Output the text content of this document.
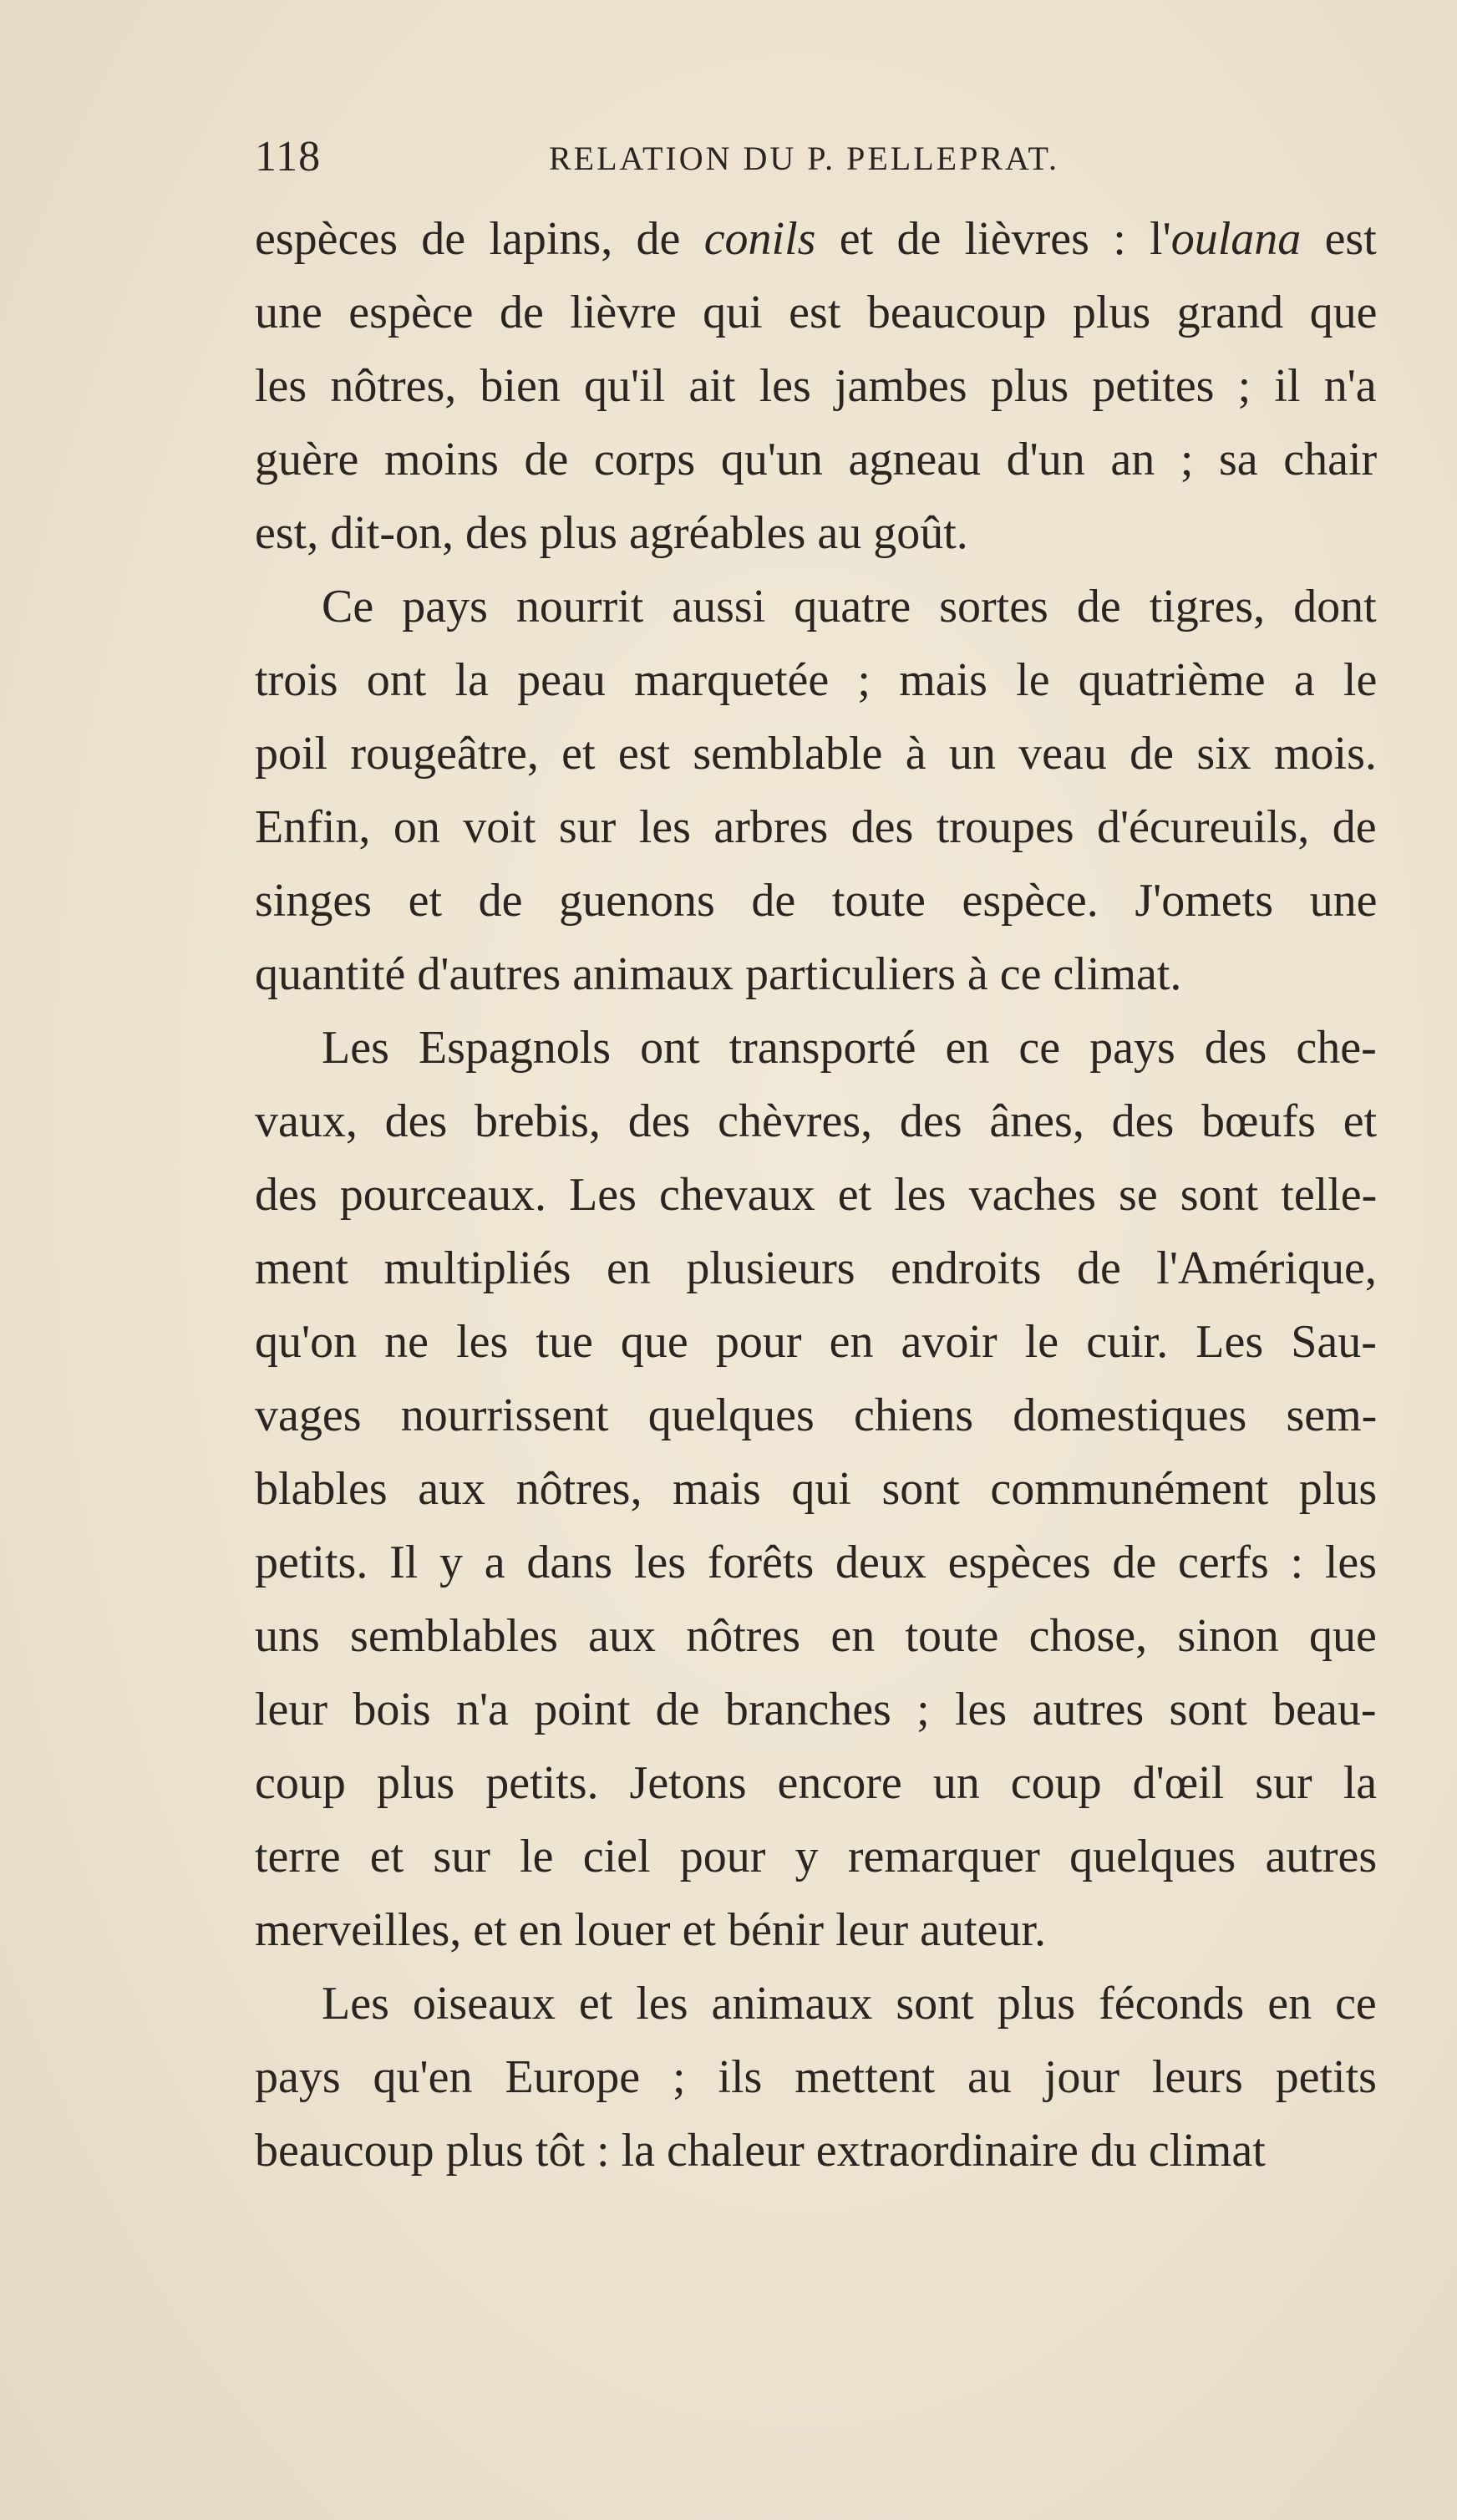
118	RELATION DU P. PELLEPRAT.
espèces de lapins, de conils et de lièvres : l'oulana est
une espèce de lièvre qui est beaucoup plus grand que
les nôtres, bien qu'il ait les jambes plus petites ; il n'a
guère moins de corps qu'un agneau d'un an ; sa chair
est, dit-on, des plus agréables au goût.
Ce pays nourrit aussi quatre sortes de tigres, dont
trois ont la peau marquetée ; mais le quatrième a le
poil rougeâtre, et est semblable à un veau de six mois.
Enfin, on voit sur les arbres des troupes d'écureuils, de
singes et de guenons de toute espèce. J'omets une
quantité d'autres animaux particuliers à ce climat.
Les Espagnols ont transporté en ce pays des che-
vaux, des brebis, des chèvres, des ânes, des bœufs et
des pourceaux. Les chevaux et les vaches se sont telle-
ment multipliés en plusieurs endroits de l'Amérique,
qu'on ne les tue que pour en avoir le cuir. Les Sau-
vages nourrissent quelques chiens domestiques sem-
blables aux nôtres, mais qui sont communément plus
petits. Il y a dans les forêts deux espèces de cerfs : les
uns semblables aux nôtres en toute chose, sinon que
leur bois n'a point de branches ; les autres sont beau-
coup plus petits. Jetons encore un coup d'œil sur la
terre et sur le ciel pour y remarquer quelques autres
merveilles, et en louer et bénir leur auteur.
Les oiseaux et les animaux sont plus féconds en ce
pays qu'en Europe ; ils mettent au jour leurs petits
beaucoup plus tôt : la chaleur extraordinaire du climat
